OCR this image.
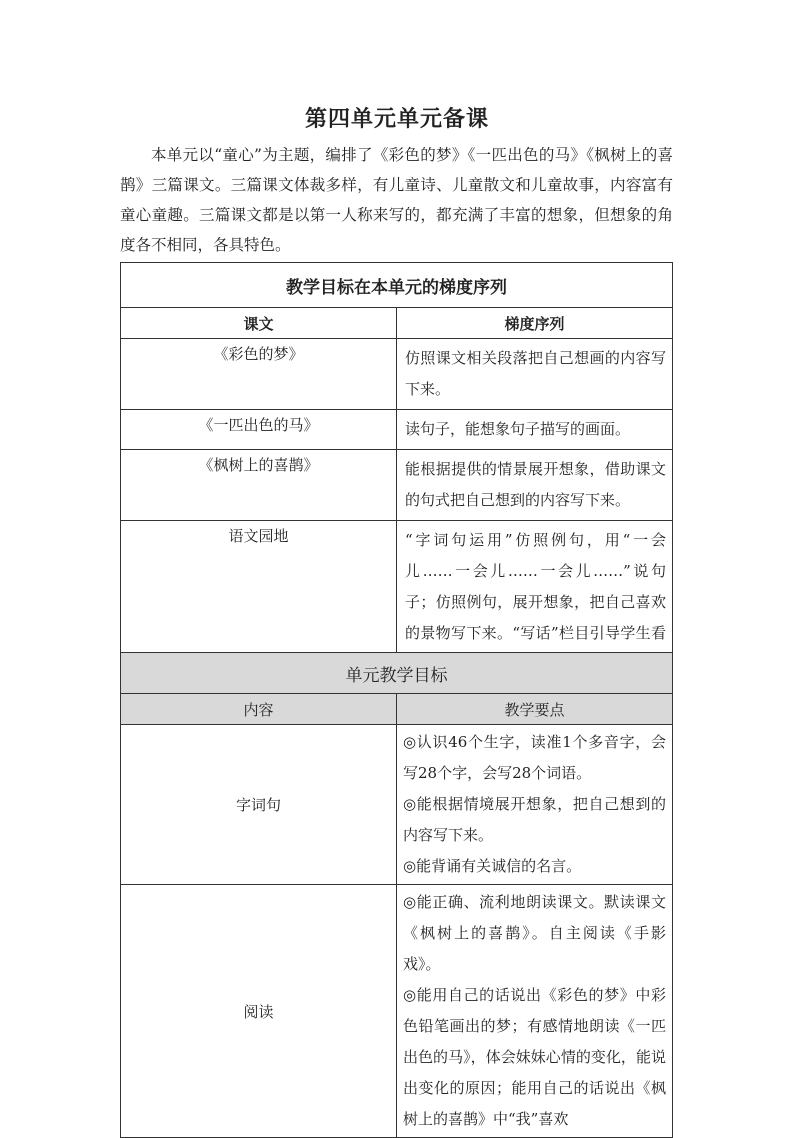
第四单元单元备课
本单元以“童心”为主题，编排了《彩色的梦》《一匹出色的马》《枫树上的喜鹊》三篇课文。三篇课文体裁多样，有儿童诗、儿童散文和儿童故事，内容富有童心童趣。三篇课文都是以第一人称来写的，都充满了丰富的想象，但想象的角度各不相同，各具特色。
教学目标在本单元的梯度序列	
课文	梯度序列
《彩色的梦》	仿照课文相关段落把自己想画的内容写下来。
《一匹出色的马》	读句子，能想象句子描写的画面。
《枫树上的喜鹊》	能根据提供的情景展开想象，借助课文的句式把自己想到的内容写下来。
语文园地	“字词句运用”仿照例句，用“一会儿……一会儿……一会儿……”说句子；仿照例句，展开想象，把自己喜欢的景物写下来。“写话”栏目引导学生看
单元教学目标	
内容	教学要点
字词句	◎认识46个生字，读准1个多音字，会写28个字，会写28个词语。
◎能根据情境展开想象，把自己想到的内容写下来。
◎能背诵有关诚信的名言。

阅读	◎能正确、流利地朗读课文。默读课文《枫树上的喜鹊》。自主阅读《手影戏》。
◎能用自己的话说出《彩色的梦》中彩色铅笔画出的梦；有感情地朗读《一匹出色的马》，体会妹妹心情的变化，能说出变化的原因；能用自己的话说出《枫树上的喜鹊》中“我”喜欢
